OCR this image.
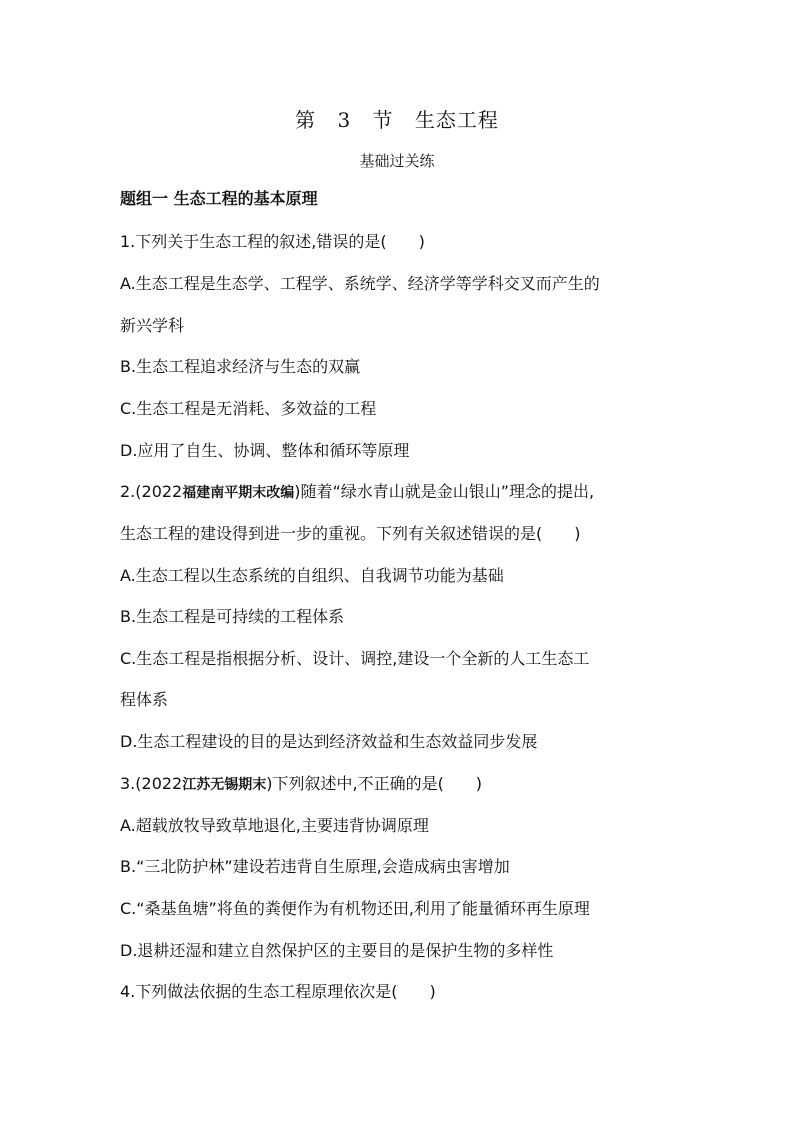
第 3 节 生态工程
基础过关练
题组一 生态工程的基本原理
1.下列关于生态工程的叙述,错误的是(　　)
A.生态工程是生态学、工程学、系统学、经济学等学科交叉而产生的
新兴学科
B.生态工程追求经济与生态的双赢
C.生态工程是无消耗、多效益的工程
D.应用了自生、协调、整体和循环等原理
2.(2022福建南平期末改编)随着“绿水青山就是金山银山”理念的提出,
生态工程的建设得到进一步的重视。下列有关叙述错误的是(　　)
A.生态工程以生态系统的自组织、自我调节功能为基础
B.生态工程是可持续的工程体系
C.生态工程是指根据分析、设计、调控,建设一个全新的人工生态工
程体系
D.生态工程建设的目的是达到经济效益和生态效益同步发展
3.(2022江苏无锡期末)下列叙述中,不正确的是(　　)
A.超载放牧导致草地退化,主要违背协调原理
B.“三北防护林”建设若违背自生原理,会造成病虫害增加
C.“桑基鱼塘”将鱼的粪便作为有机物还田,利用了能量循环再生原理
D.退耕还湿和建立自然保护区的主要目的是保护生物的多样性
4.下列做法依据的生态工程原理依次是(　　)
